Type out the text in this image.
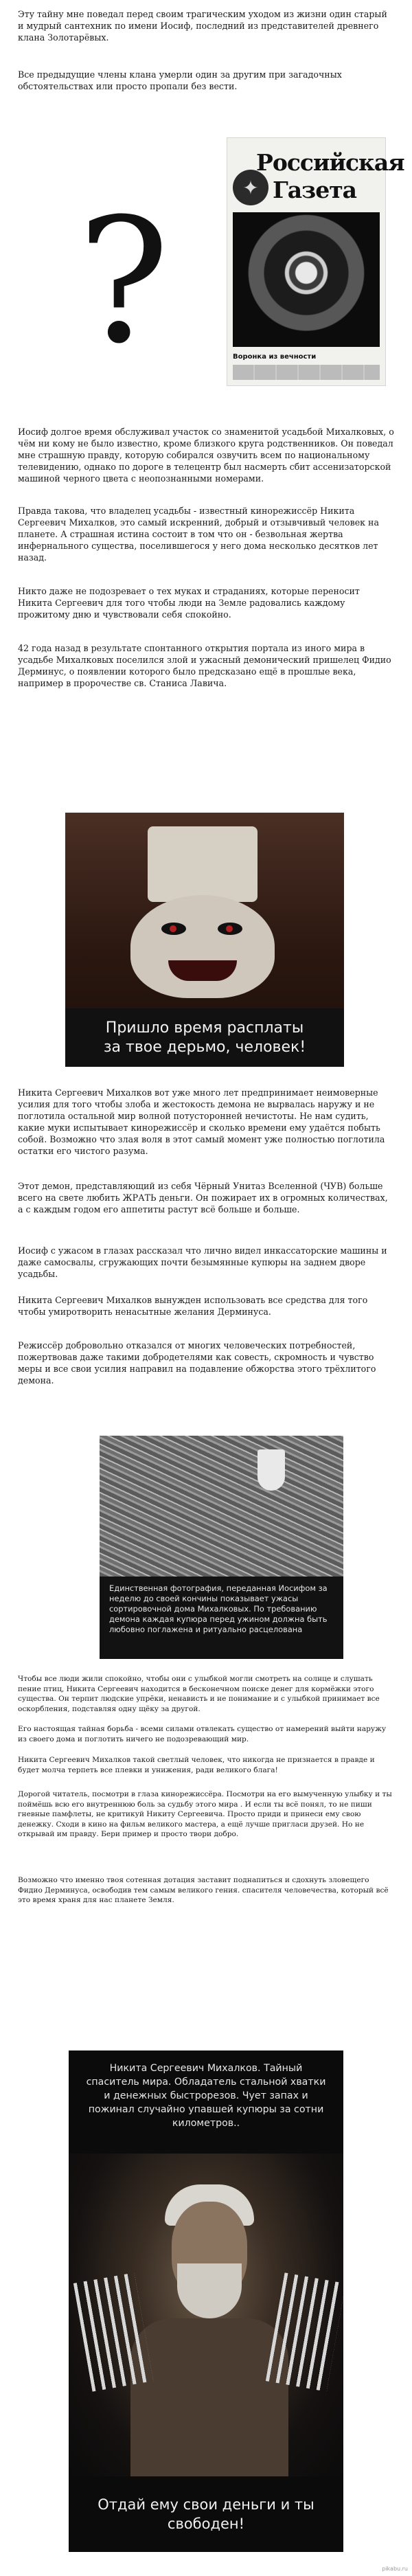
Эту тайну мне поведал перед своим трагическим уходом из жизни один старый и мудрый сантехник по имени Иосиф, последний из представителей древнего клана Золотарёвых.

Все предыдущие члены клана умерли один за другим при загадочных обстоятельствах или просто пропали без вести.

?	✦
Российская
Газета
Воронка из вечностиᅠ

Иосиф долгое время обслуживал участок со знаменитой усадьбой Михалковых, о чём ни кому не было известно, кроме близкого круга родственников. Он поведал мне страшную правду, которую собирался озвучить всем по национальному телевидению, однако по дороге в телецентр был насмерть сбит ассенизаторской машиной черного цвета с неопознанными номерами.

Правда такова, что владелец усадьбы - известный кинорежиссёр Никита Сергеевич Михалков, это самый искренний, добрый и отзывчивый человек на планете. А страшная истина состоит в том что он - безвольная жертва инфернального существа, поселившегося у него дома несколько десятков лет назад.

Никто даже не подозревает о тех муках и страданиях, которые переносит Никита Сергеевич для того чтобы люди на Земле радовались каждому прожитому дню и чувствовали себя спокойно.

42 года назад в результате спонтанного открытия портала из иного мира в усадьбе Михалковых поселился злой и ужасный демонический пришелец Фидио Дерминус, о появлении которого было предсказано ещё в прошлые века, например в пророчестве св. Станиса Лавича.

Пришло время расплаты
за твое дерьмо, человек!

Никита Сергеевич Михалков вот уже много лет предпринимает неимоверные усилия для того чтобы злоба и жестокость демона не вырвалась наружу и не поглотила остальной мир волной потусторонней нечистоты. Не нам судить, какие муки испытывает кинорежиссёр и сколько времени ему удаётся побыть собой. Возможно что злая воля в этот самый момент уже полностью поглотила остатки его чистого разума.

Этот демон, представляющий из себя Чёрный Унитаз Вселенной (ЧУВ) больше всего на свете любить ЖРАТЬ деньги. Он пожирает их в огромных количествах, а с каждым годом его аппетиты растут всё больше и больше.

Иосиф с ужасом в глазах рассказал что лично видел инкассаторские машины и даже самосвалы, сгружающих почти безымянные купюры на заднем дворе усадьбы.

Никита Сергеевич Михалков вынужден использовать все средства для того чтобы умиротворить ненасытные желания Дерминуса.

Режиссёр добровольно отказался от многих человеческих потребностей, пожертвовав даже такими добродетелями как совесть, скромность и чувство меры и все свои усилия направил на подавление обжорства этого трёхлитого демона.

Единственная фотография, переданная Иосифом за неделю до своей кончины показывает ужасы сортировочной дома Михалковых. По требованию демона каждая купюра перед ужином должна быть любовно поглажена и ритуально расцелована

Чтобы все люди жили спокойно, чтобы они с улыбкой могли смотреть на солнце и слушать пение птиц, Никита Сергеевич находится в бесконечном поиске денег для кормёжки этого существа. Он терпит людские упрёки, ненависть и не понимание и с улыбкой принимает все оскорбления, подставляя одну щёку за другой.

Его настоящая тайная борьба - всеми силами отвлекать существо от намерений выйти наружу из своего дома и поглотить ничего не подозревающий мир.

Никита Сергеевич Михалков такой светлый человек, что никогда не признается в правде и будет молча терпеть все плевки и унижения, ради великого блага!

Дорогой читатель, посмотри в глаза кинорежиссёра. Посмотри на его вымученную улыбку и ты поймёшь всю его внутреннюю боль за судьбу этого мира . И если ты всё понял, то не пиши гневные памфлеты, не критикуй Никиту Сергеевича. Просто приди и принеси ему свою денежку. Сходи в кино на фильм великого мастера, а ещё лучше пригласи друзей. Но не открывай им правду. Бери пример и просто твори добро.

Возможно что именно твоя сотенная дотация заставит поднапиться и сдохнуть зловещего Фидио Дерминуса, освободив тем самым великого гения. спасителя человечества, который всё это время храня для нас планете Земля.

Никита Сергеевич Михалков. Тайный спаситель мира. Обладатель стальной хватки и денежных быстрорезов. Чует запах и пожинал случайно упавшей купюры за сотни километров..
Отдай ему свои деньги и ты свободен!
pikabu.ru
